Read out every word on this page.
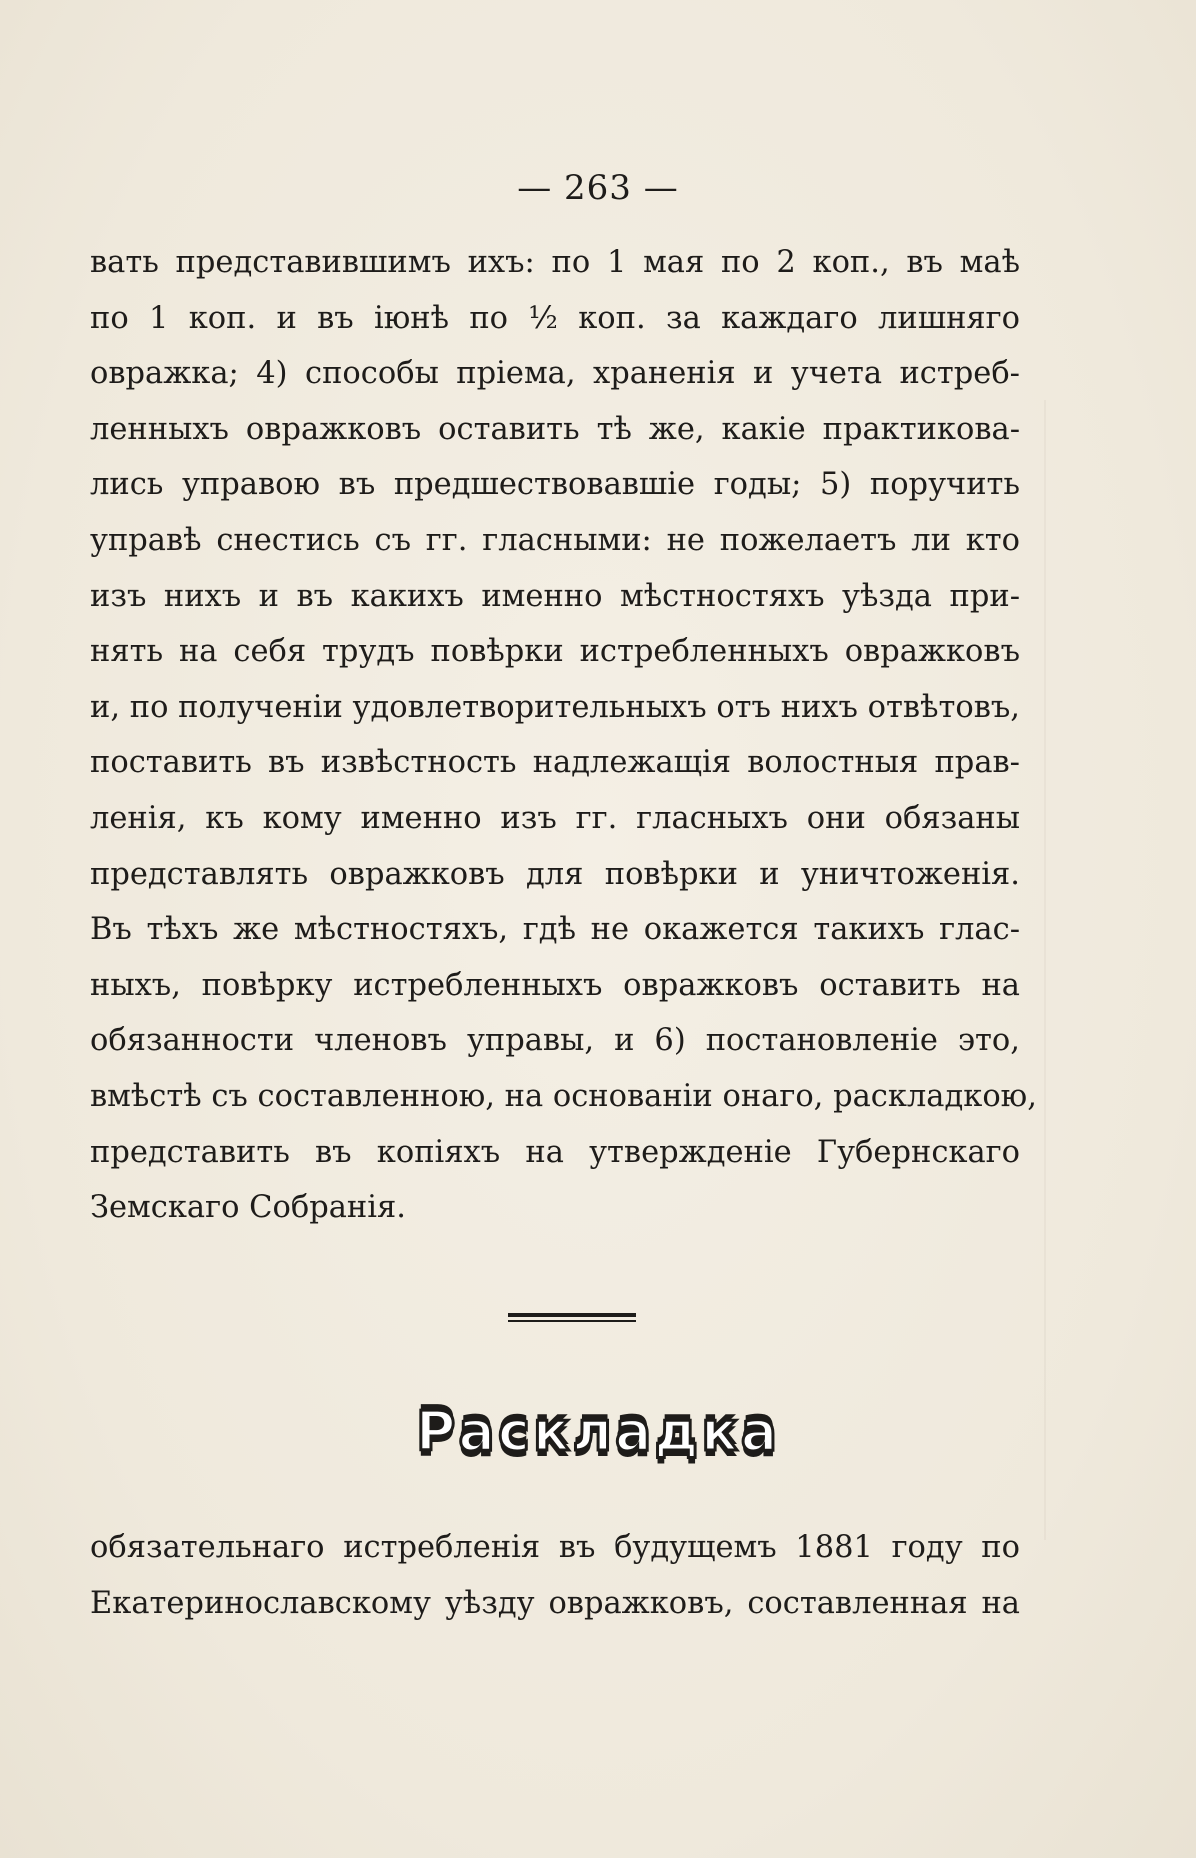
— 263 —
вать представившимъ ихъ: по 1 мая по 2 коп., въ маѣ
по 1 коп. и въ іюнѣ по ½ коп. за каждаго лишняго
овражка; 4) способы пріема, храненія и учета истреб-
ленныхъ овражковъ оставить тѣ же, какіе практикова-
лись управою въ предшествовавшіе годы; 5) поручить
управѣ снестись съ гг. гласными: не пожелаетъ ли кто
изъ нихъ и въ какихъ именно мѣстностяхъ уѣзда при-
нять на себя трудъ повѣрки истребленныхъ овражковъ
и, по полученіи удовлетворительныхъ отъ нихъ отвѣтовъ,
поставить въ извѣстность надлежащія волостныя прав-
ленія, къ кому именно изъ гг. гласныхъ они обязаны
представлять овражковъ для повѣрки и уничтоженія.
Въ тѣхъ же мѣстностяхъ, гдѣ не окажется такихъ глас-
ныхъ, повѣрку истребленныхъ овражковъ оставить на
обязанности членовъ управы, и 6) постановленіе это,
вмѣстѣ съ составленною, на основаніи онаго, раскладкою,
представить въ копіяхъ на утвержденіе Губернскаго
Земскаго Собранія.
Раскладка
обязательнаго истребленія въ будущемъ 1881 году по
Екатеринославскому уѣзду овражковъ, составленная на
